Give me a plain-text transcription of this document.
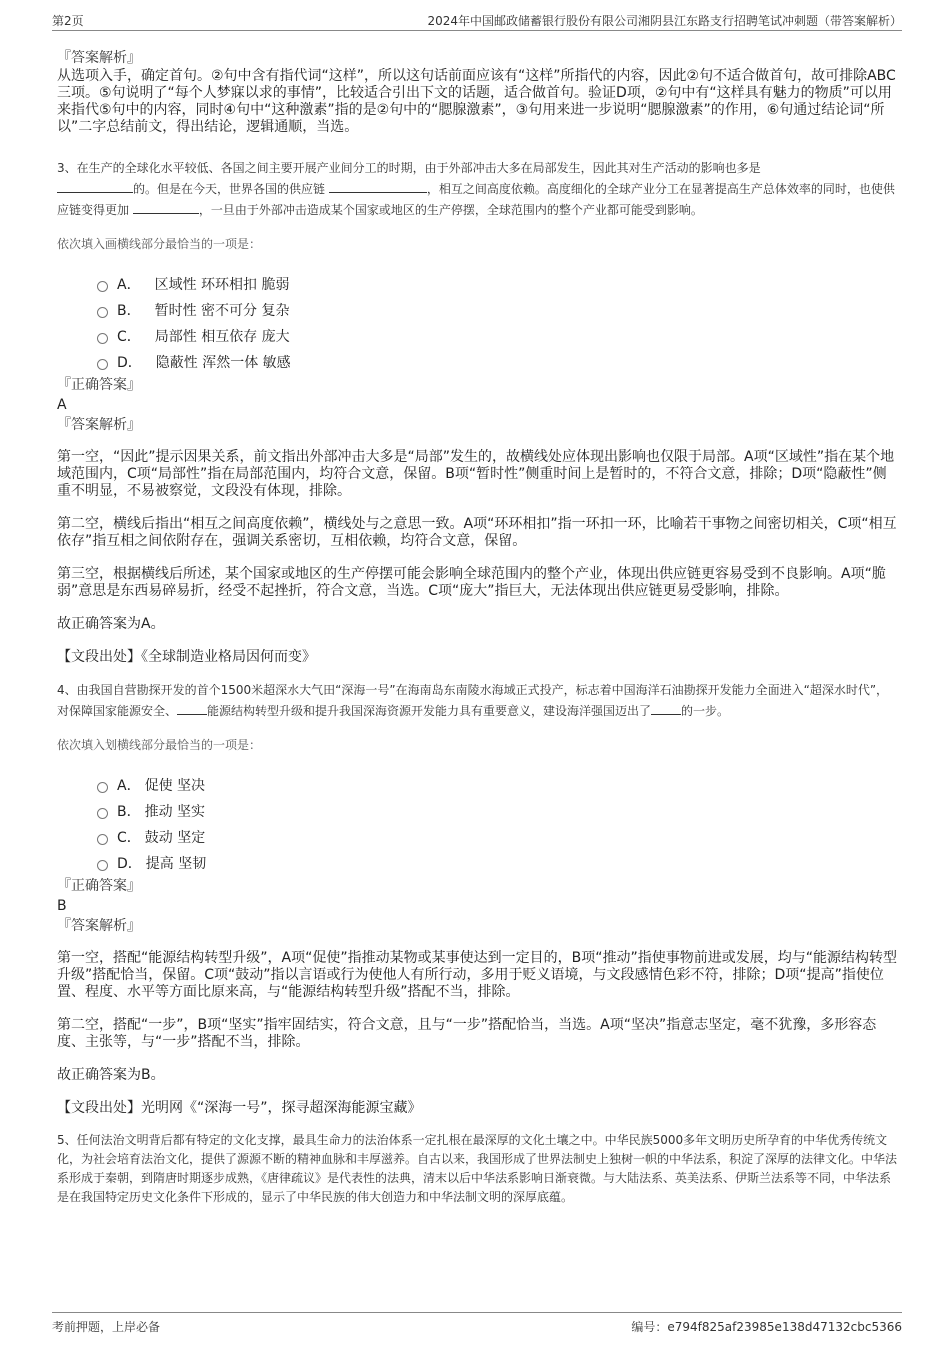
第2页	2024年中国邮政储蓄银行股份有限公司湘阴县江东路支行招聘笔试冲刺题（带答案解析）
『答案解析』

从选项入手，确定首句。②句中含有指代词“这样”，所以这句话前面应该有“这样”所指代的内容，因此②句不适合做首句，故可排除ABC三项。⑤句说明了“每个人梦寐以求的事情”，比较适合引出下文的话题，适合做首句。验证D项，②句中有“这样具有魅力的物质”可以用来指代⑤句中的内容，同时④句中“这种激素”指的是②句中的“腮腺激素”，③句用来进一步说明“腮腺激素”的作用，⑥句通过结论词“所以”二字总结前文，得出结论，逻辑通顺，当选。

3、在生产的全球化水平较低、各国之间主要开展产业间分工的时期，由于外部冲击大多在局部发生，因此其对生产活动的影响也多是
的。但是在今天，世界各国的供应链	，相互之间高度依赖。高度细化的全球产业分工在显著提高生产总体效率的同时，也使供应链变得更加	，一旦由于外部冲击造成某个国家或地区的生产停摆，全球范围内的整个产业都可能受到影响。

依次填入画横线部分最恰当的一项是：

A． 区域性 环环相扣 脆弱
B． 暂时性 密不可分 复杂
C． 局部性 相互依存 庞大
D． 隐蔽性 浑然一体 敏感
『正确答案』
A
『答案解析』

第一空，“因此”提示因果关系，前文指出外部冲击大多是“局部”发生的，故横线处应体现出影响也仅限于局部。A项“区域性”指在某个地域范围内，C项“局部性”指在局部范围内，均符合文意，保留。B项“暂时性”侧重时间上是暂时的，不符合文意，排除；D项“隐蔽性”侧重不明显，不易被察觉，文段没有体现，排除。

第二空，横线后指出“相互之间高度依赖”，横线处与之意思一致。A项“环环相扣”指一环扣一环，比喻若干事物之间密切相关，C项“相互依存”指互相之间依附存在，强调关系密切，互相依赖，均符合文意，保留。

第三空，根据横线后所述，某个国家或地区的生产停摆可能会影响全球范围内的整个产业，体现出供应链更容易受到不良影响。A项“脆弱”意思是东西易碎易折，经受不起挫折，符合文意，当选。C项“庞大”指巨大，无法体现出供应链更易受影响，排除。

故正确答案为A。

【文段出处】《全球制造业格局因何而变》

4、由我国自营勘探开发的首个1500米超深水大气田“深海一号”在海南岛东南陵水海域正式投产，标志着中国海洋石油勘探开发能力全面进入“超深水时代”，对保障国家能源安全、	能源结构转型升级和提升我国深海资源开发能力具有重要意义，建设海洋强国迈出了	的一步。

依次填入划横线部分最恰当的一项是：

A． 促使 坚决
B． 推动 坚实
C． 鼓动 坚定
D． 提高 坚韧
『正确答案』
B
『答案解析』

第一空，搭配“能源结构转型升级”，A项“促使”指推动某物或某事使达到一定目的，B项“推动”指使事物前进或发展，均与“能源结构转型升级”搭配恰当，保留。C项“鼓动”指以言语或行为使他人有所行动，多用于贬义语境，与文段感情色彩不符，排除；D项“提高”指使位置、程度、水平等方面比原来高，与“能源结构转型升级”搭配不当，排除。

第二空，搭配“一步”，B项“坚实”指牢固结实，符合文意，且与“一步”搭配恰当，当选。A项“坚决”指意志坚定，毫不犹豫，多形容态度、主张等，与“一步”搭配不当，排除。

故正确答案为B。

【文段出处】光明网《“深海一号”，探寻超深海能源宝藏》

5、任何法治文明背后都有特定的文化支撑，最具生命力的法治体系一定扎根在最深厚的文化土壤之中。中华民族5000多年文明历史所孕育的中华优秀传统文化，为社会培育法治文化，提供了源源不断的精神血脉和丰厚滋养。自古以来，我国形成了世界法制史上独树一帜的中华法系，积淀了深厚的法律文化。中华法系形成于秦朝，到隋唐时期逐步成熟，《唐律疏议》是代表性的法典，清末以后中华法系影响日渐衰微。与大陆法系、英美法系、伊斯兰法系等不同，中华法系是在我国特定历史文化条件下形成的，显示了中华民族的伟大创造力和中华法制文明的深厚底蕴。

考前押题，上岸必备	编号：e794f825af23985e138d47132cbc5366
